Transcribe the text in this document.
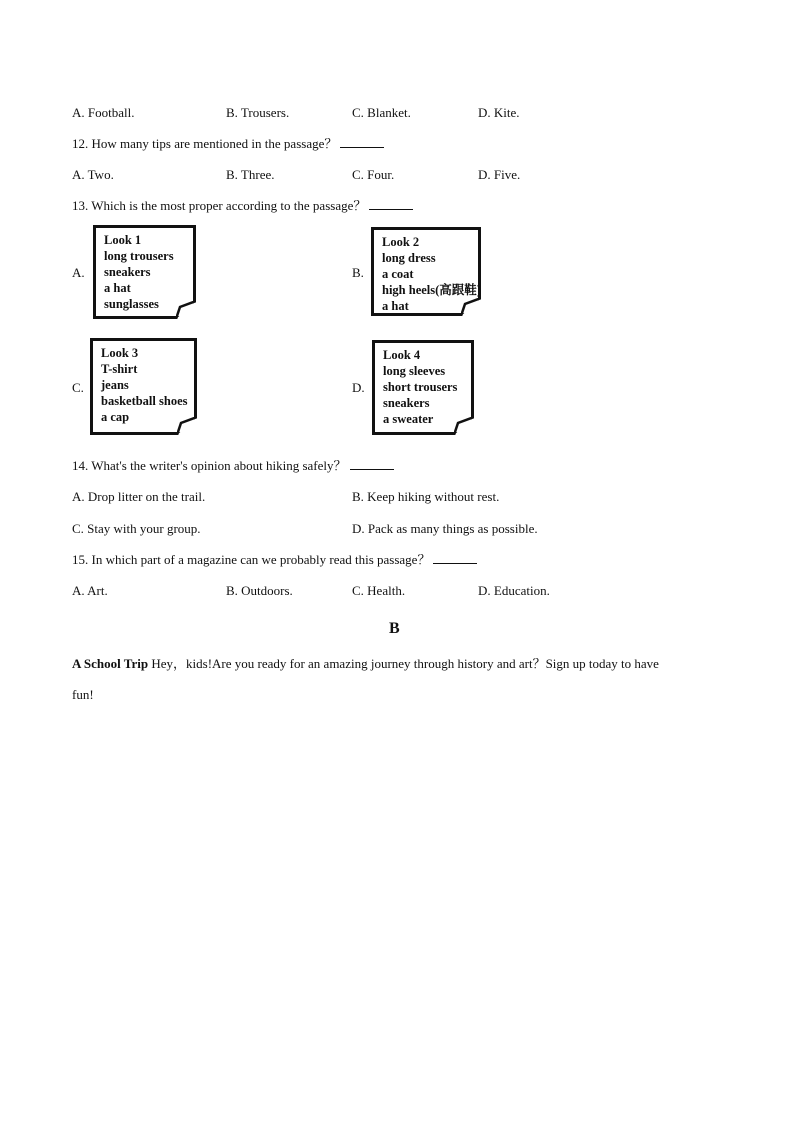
A. Football.	B. Trousers.	C. Blanket.	D. Kite.
12. How many tips are mentioned in the passage？
A. Two.	B. Three.	C. Four.	D. Five.
13. Which is the most proper according to the passage？
A.
Look 1
long trousers
sneakers
a hat
sunglasses
B.
Look 2
long dress
a coat
high heels(高跟鞋)
a hat
C.
Look 3
T-shirt
jeans
basketball shoes
a cap
D.
Look 4
long sleeves
short trousers
sneakers
a sweater
14. What's the writer's opinion about hiking safely？
A. Drop litter on the trail.	B. Keep hiking without rest.
C. Stay with your group.	D. Pack as many things as possible.
15. In which part of a magazine can we probably read this passage？
A. Art.	B. Outdoors.	C. Health.	D. Education.
B
A School Trip Hey，kids!Are you ready for an amazing journey through history and art？Sign up today to have
fun!
